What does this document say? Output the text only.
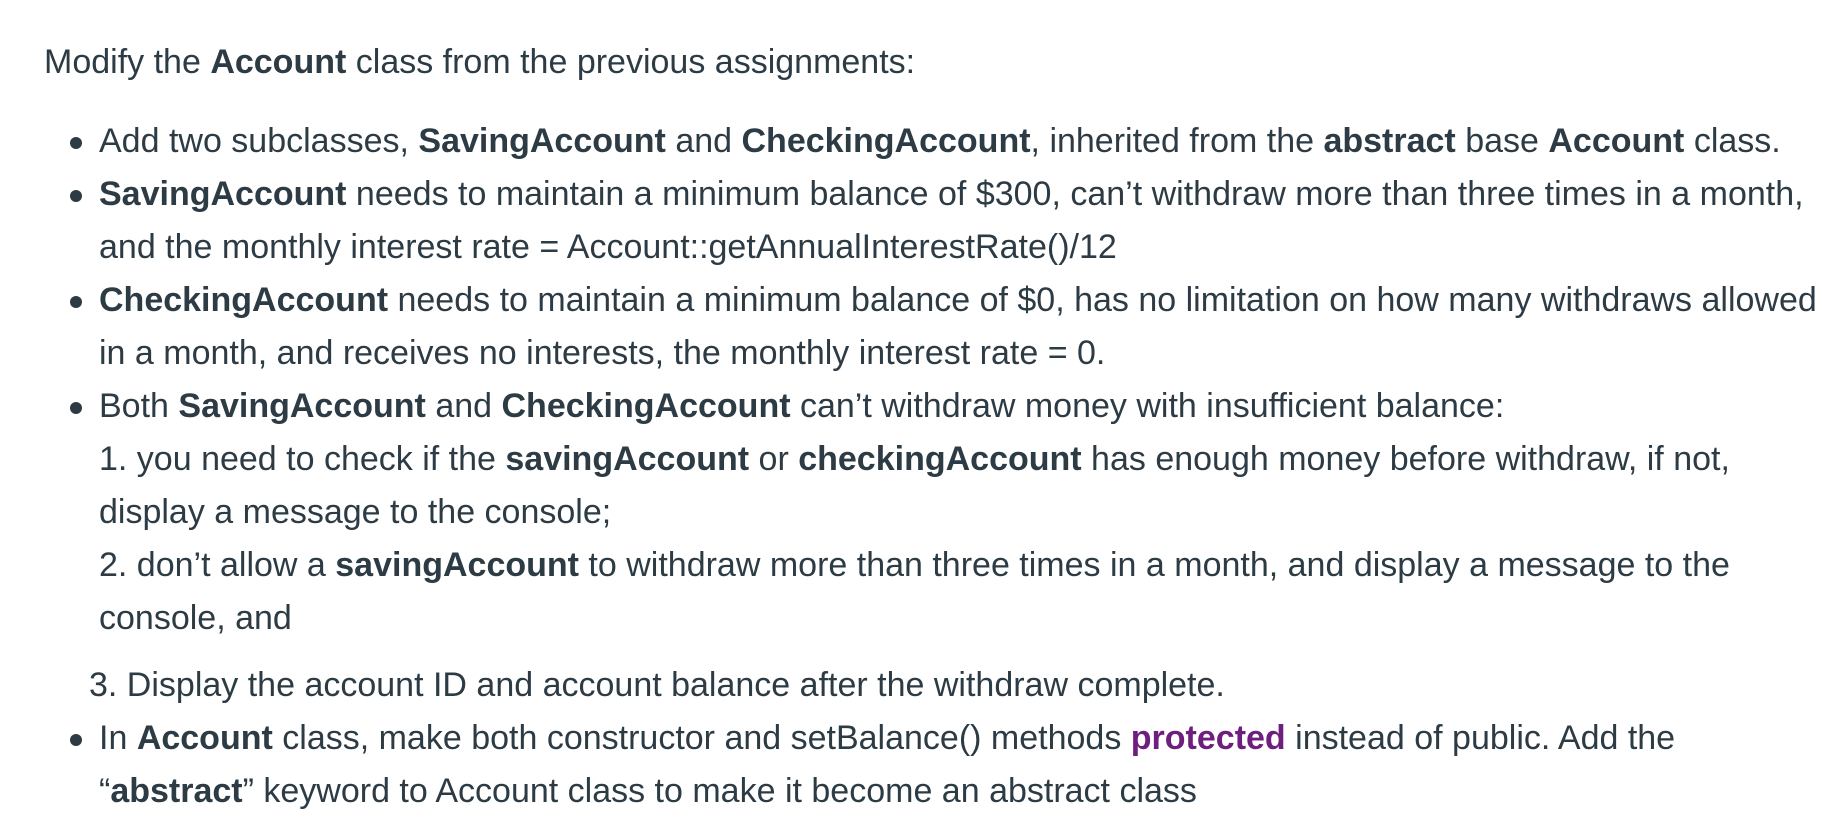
Modify the Account class from the previous assignments:

Add two subclasses, SavingAccount and CheckingAccount, inherited from the abstract base Account class.
SavingAccount needs to maintain a minimum balance of $300, can’t withdraw more than three times in a month, and the monthly interest rate = Account::getAnnualInterestRate()/12
CheckingAccount needs to maintain a minimum balance of $0, has no limitation on how many withdraws allowed in a month, and receives no interests, the monthly interest rate = 0.
Both SavingAccount and CheckingAccount can’t withdraw money with insufficient balance:
1. you need to check if the savingAccount or checkingAccount has enough money before withdraw, if not, display a message to the console;
2. don’t allow a savingAccount to withdraw more than three times in a month, and display a message to the console, and
3. Display the account ID and account balance after the withdraw complete.
In Account class, make both constructor and setBalance() methods protected instead of public. Add the “abstract” keyword to Account class to make it become an abstract class
